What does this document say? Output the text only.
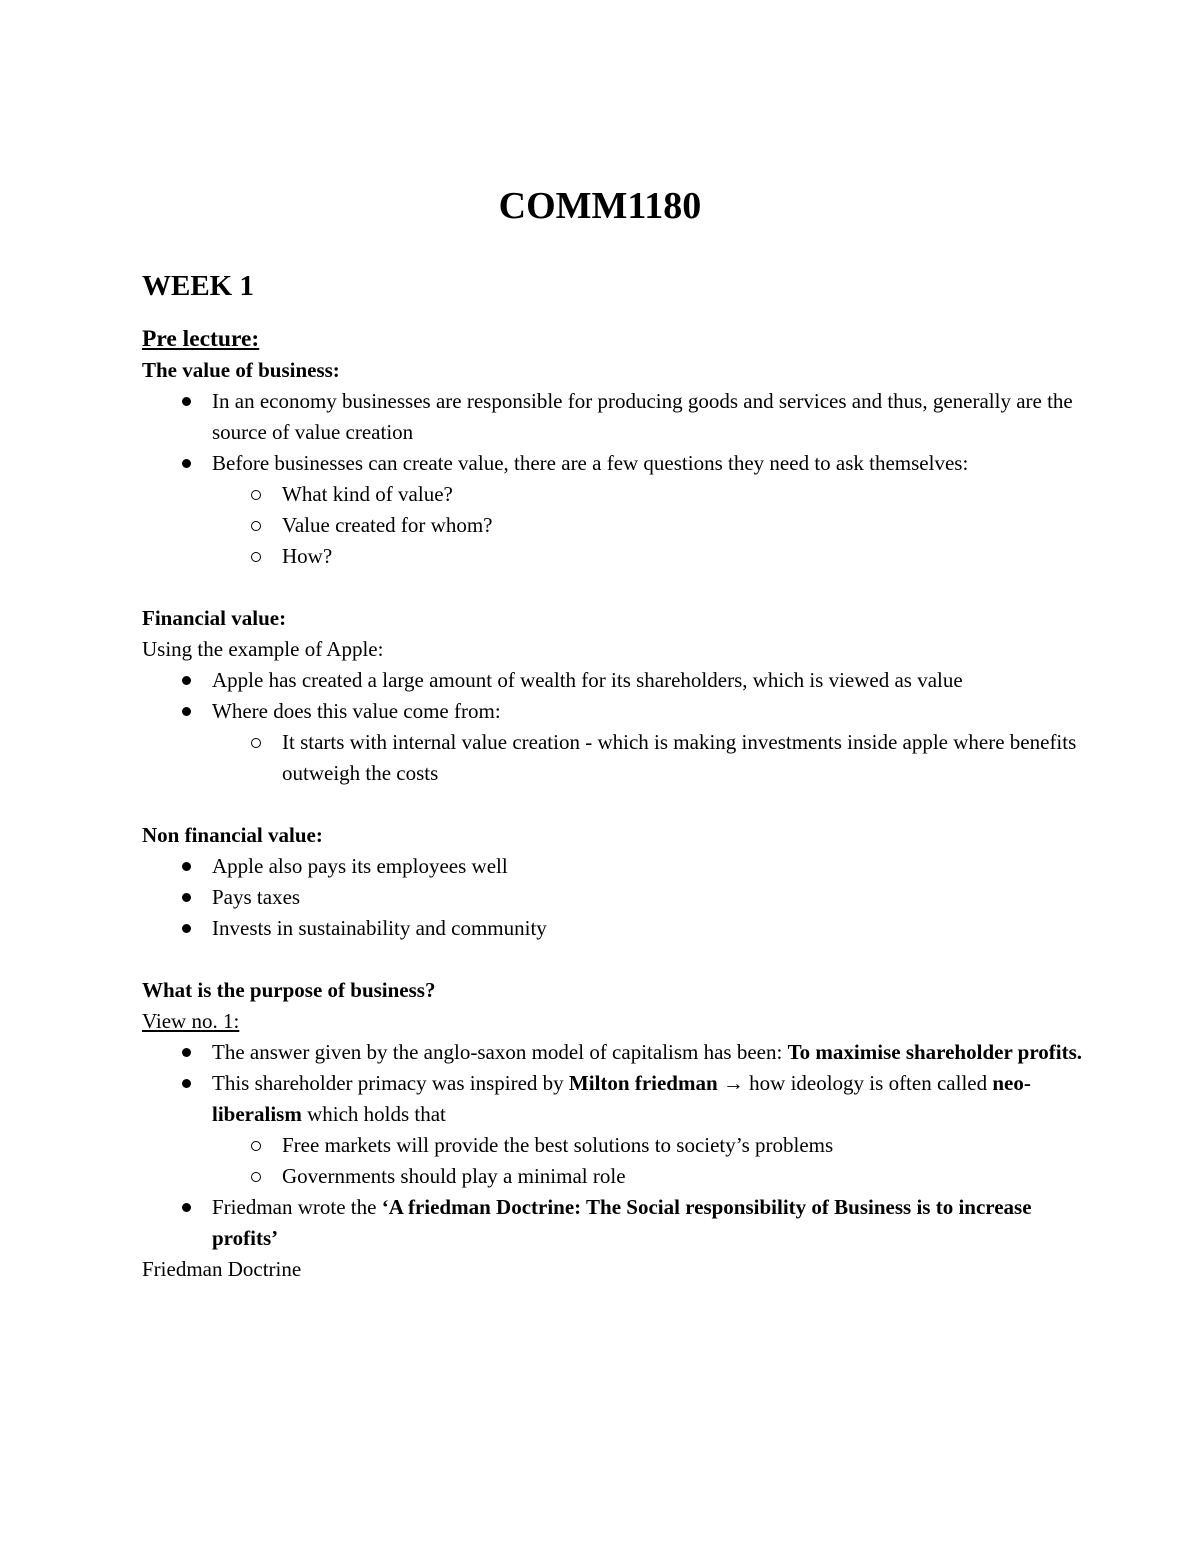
COMM1180
WEEK 1

Pre lecture:

The value of business:

In an economy businesses are responsible for producing goods and services and thus, generally are the source of value creation
Before businesses can create value, there are a few questions they need to ask themselves:
What kind of value?
Value created for whom?
How?

Financial value:

Using the example of Apple:

Apple has created a large amount of wealth for its shareholders, which is viewed as value
Where does this value come from:
It starts with internal value creation - which is making investments inside apple where benefits outweigh the costs

Non financial value:

Apple also pays its employees well
Pays taxes
Invests in sustainability and community

What is the purpose of business?

View no. 1:

The answer given by the anglo-saxon model of capitalism has been: To maximise shareholder profits.
This shareholder primacy was inspired by Milton friedman → how ideology is often called neo-liberalism which holds that
Free markets will provide the best solutions to society’s problems
Governments should play a minimal role
Friedman wrote the ‘A friedman Doctrine: The Social responsibility of Business is to increase profits’

Friedman Doctrine
